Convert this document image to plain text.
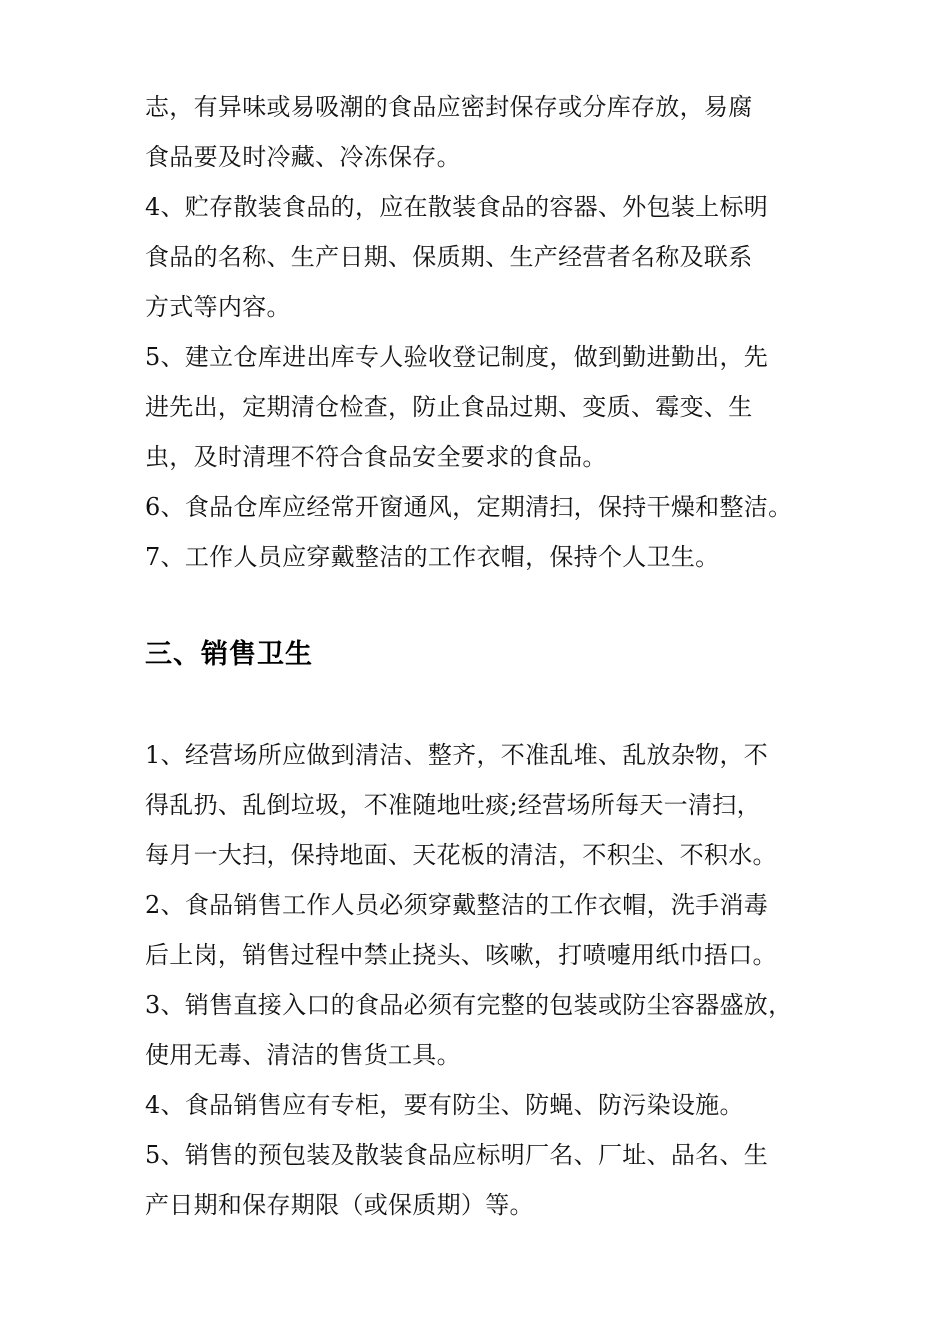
志，有异味或易吸潮的食品应密封保存或分库存放，易腐
食品要及时冷藏、冷冻保存。
4、贮存散装食品的，应在散装食品的容器、外包装上标明
食品的名称、生产日期、保质期、生产经营者名称及联系
方式等内容。
5、建立仓库进出库专人验收登记制度，做到勤进勤出，先
进先出，定期清仓检查，防止食品过期、变质、霉变、生
虫，及时清理不符合食品安全要求的食品。
6、食品仓库应经常开窗通风，定期清扫，保持干燥和整洁。
7、工作人员应穿戴整洁的工作衣帽，保持个人卫生。
三、销售卫生
1、经营场所应做到清洁、整齐，不准乱堆、乱放杂物，不
得乱扔、乱倒垃圾，不准随地吐痰;经营场所每天一清扫，
每月一大扫，保持地面、天花板的清洁，不积尘、不积水。
2、食品销售工作人员必须穿戴整洁的工作衣帽，洗手消毒
后上岗，销售过程中禁止挠头、咳嗽，打喷嚏用纸巾捂口。
3、销售直接入口的食品必须有完整的包装或防尘容器盛放，
使用无毒、清洁的售货工具。
4、食品销售应有专柜，要有防尘、防蝇、防污染设施。
5、销售的预包装及散装食品应标明厂名、厂址、品名、生
产日期和保存期限（或保质期）等。
